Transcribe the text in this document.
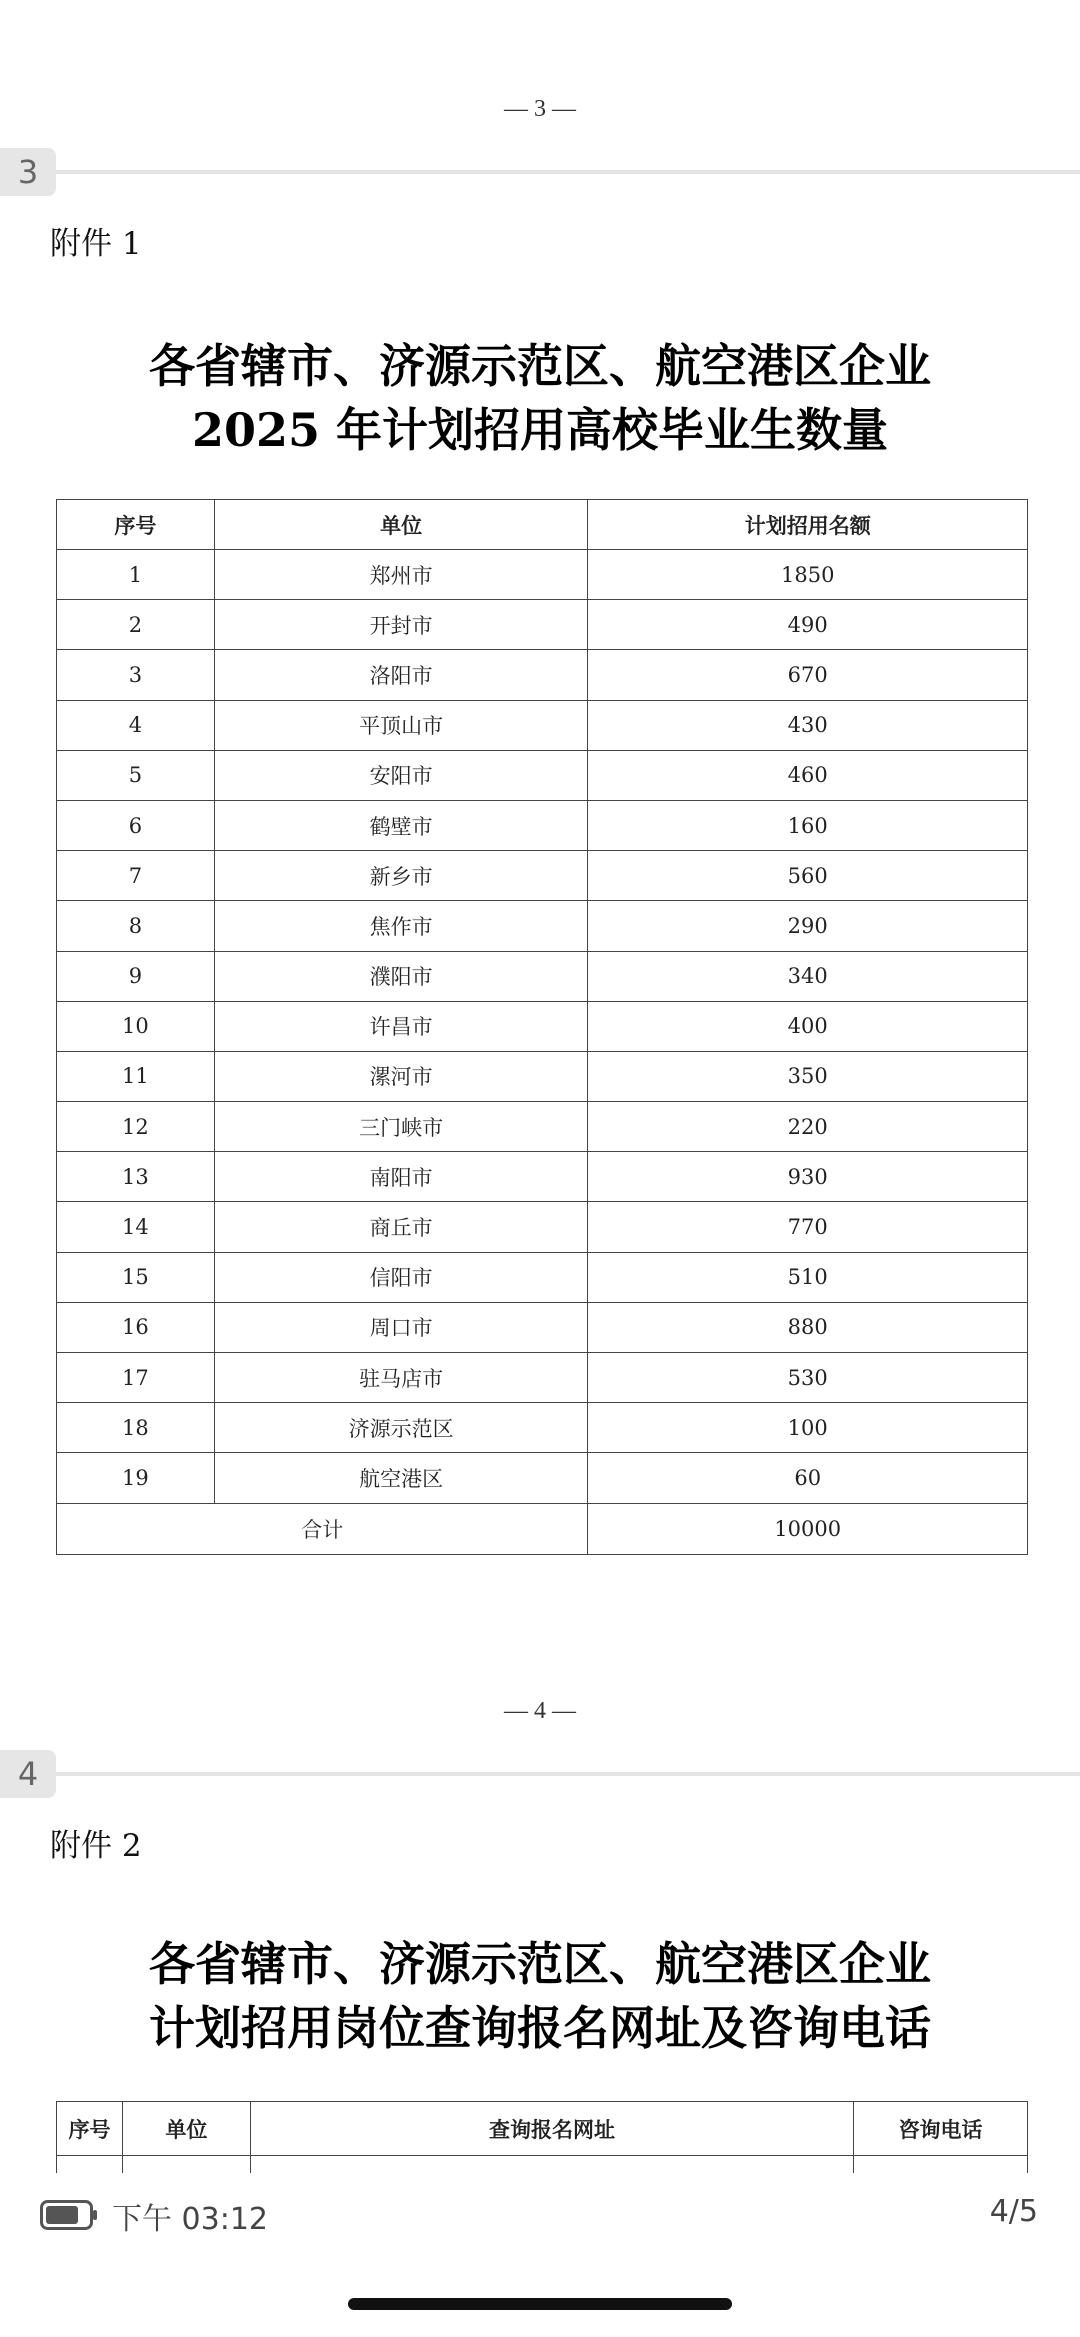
— 3 —
3
附件 1
各省辖市、济源示范区、航空港区企业
2025 年计划招用高校毕业生数量
序号	单位	计划招用名额
1	郑州市	1850
2	开封市	490
3	洛阳市	670
4	平顶山市	430
5	安阳市	460
6	鹤壁市	160
7	新乡市	560
8	焦作市	290
9	濮阳市	340
10	许昌市	400
11	漯河市	350
12	三门峡市	220
13	南阳市	930
14	商丘市	770
15	信阳市	510
16	周口市	880
17	驻马店市	530
18	济源示范区	100
19	航空港区	60
合计		10000
— 4 —
4
附件 2
各省辖市、济源示范区、航空港区企业
计划招用岗位查询报名网址及咨询电话
序号	单位	查询报名网址	咨询电话

下午 03:12	4/5
